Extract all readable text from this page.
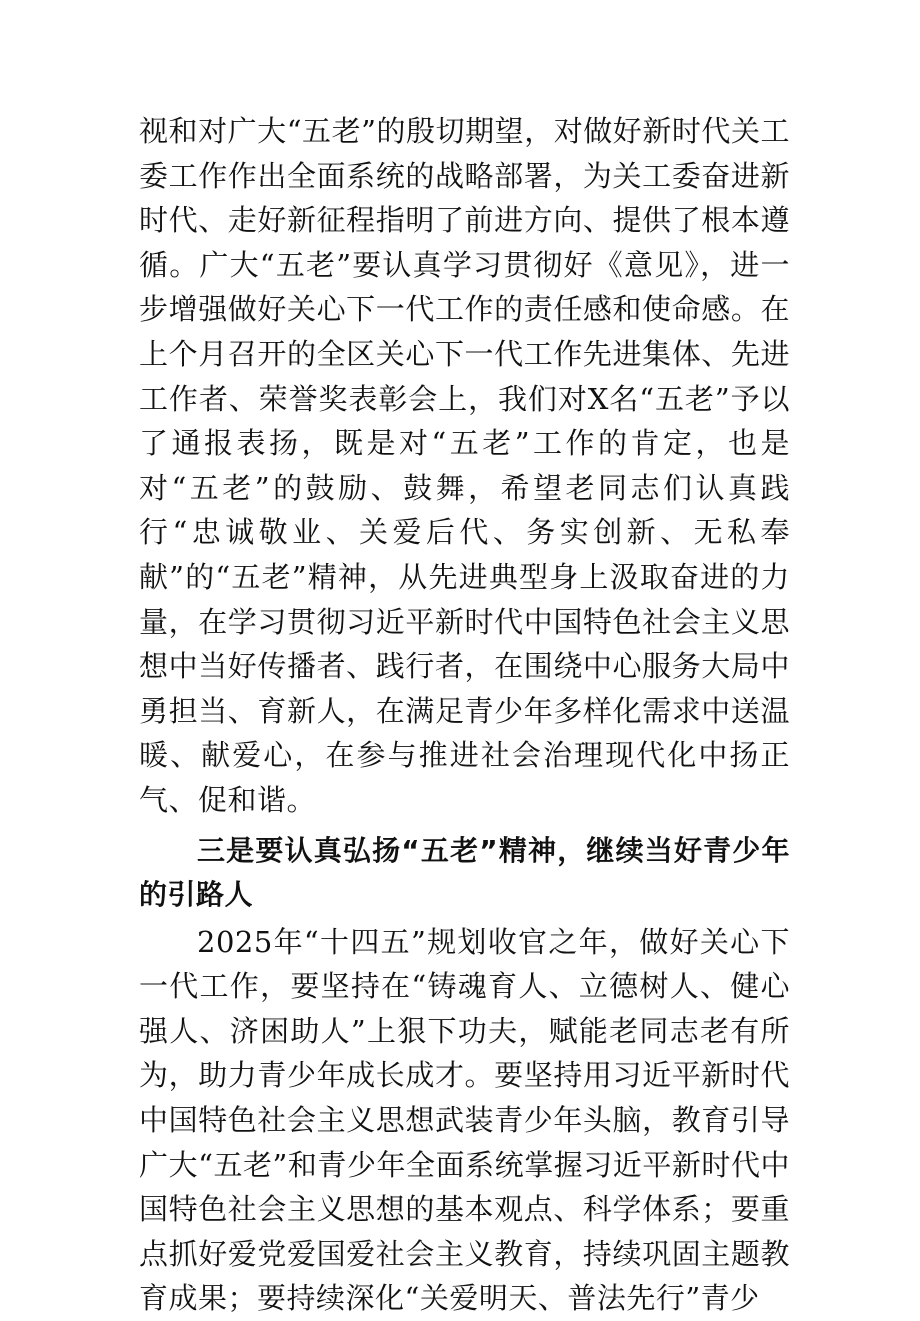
视和对广大“五老”的殷切期望，对做好新时代关工委工作作出全面系统的战略部署，为关工委奋进新时代、走好新征程指明了前进方向、提供了根本遵循。广大“五老”要认真学习贯彻好《意见》，进一步增强做好关心下一代工作的责任感和使命感。在上个月召开的全区关心下一代工作先进集体、先进工作者、荣誉奖表彰会上，我们对X名“五老”予以了通报表扬，既是对“五老”工作的肯定，也是对“五老”的鼓励、鼓舞，希望老同志们认真践行“忠诚敬业、关爱后代、务实创新、无私奉献”的“五老”精神，从先进典型身上汲取奋进的力量，在学习贯彻习近平新时代中国特色社会主义思想中当好传播者、践行者，在围绕中心服务大局中勇担当、育新人，在满足青少年多样化需求中送温暖、献爱心，在参与推进社会治理现代化中扬正气、促和谐。

三是要认真弘扬“五老”精神，继续当好青少年的引路人

2025年“十四五”规划收官之年，做好关心下一代工作，要坚持在“铸魂育人、立德树人、健心强人、济困助人”上狠下功夫，赋能老同志老有所为，助力青少年成长成才。要坚持用习近平新时代中国特色社会主义思想武装青少年头脑，教育引导广大“五老”和青少年全面系统掌握习近平新时代中国特色社会主义思想的基本观点、科学体系；要重点抓好爱党爱国爱社会主义教育，持续巩固主题教育成果；要持续深化“关爱明天、普法先行”青少
